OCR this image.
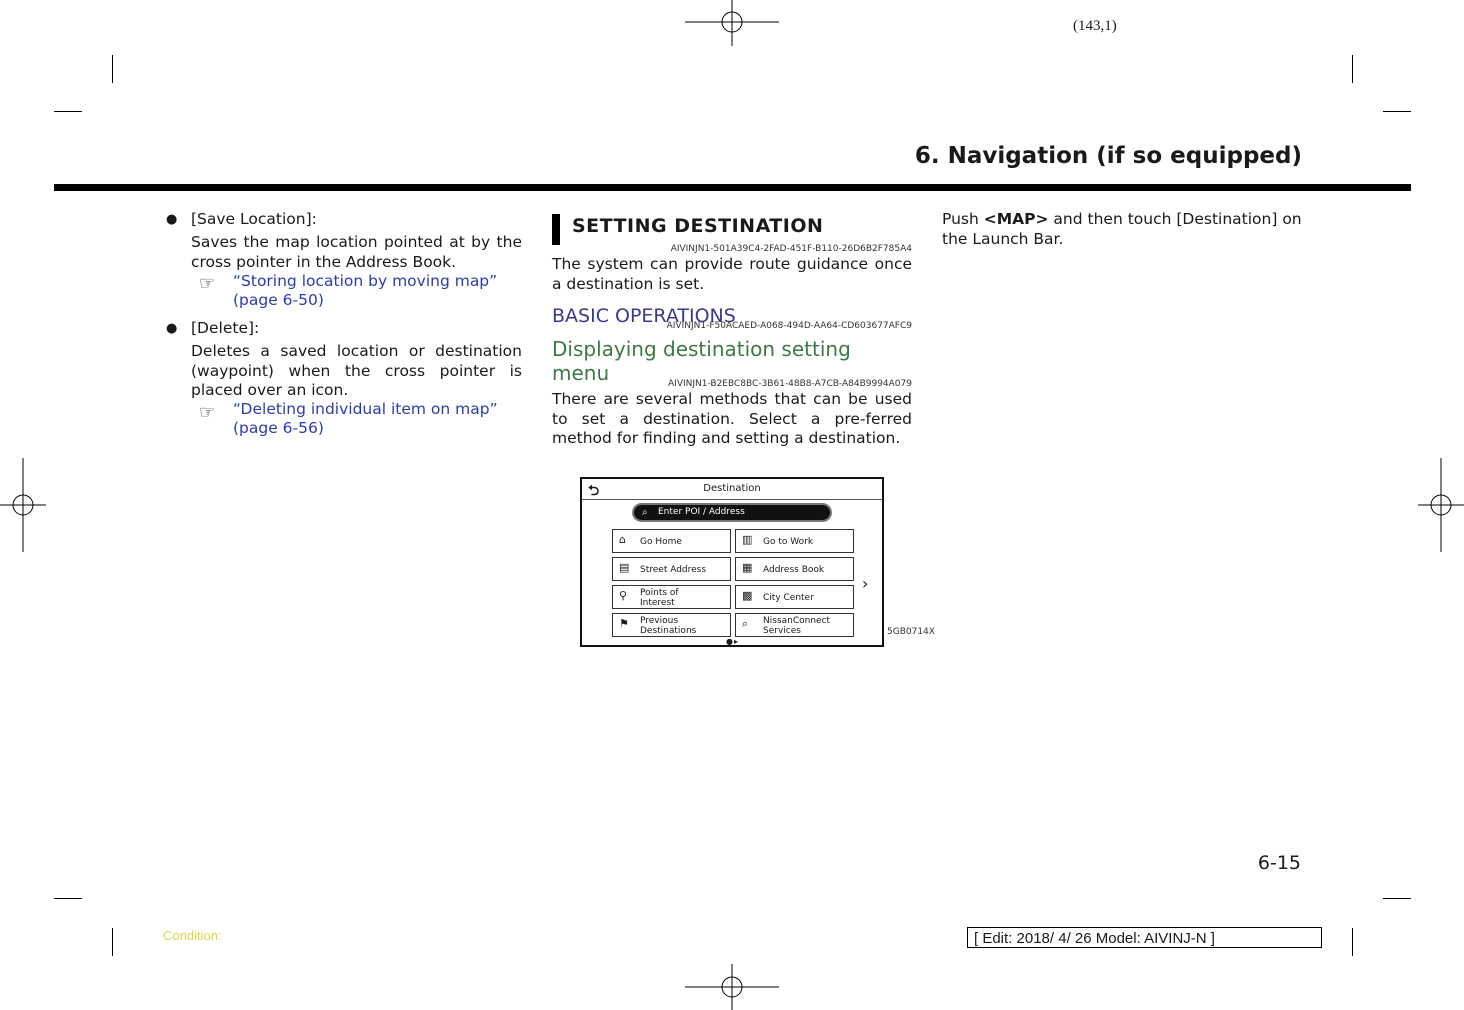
(143,1)
6. Navigation (if so equipped)
● [Save Location]:
Saves the map location pointed at by the cross pointer in the Address Book.
☞ “Storing location by moving map”
(page 6-50)
● [Delete]:
Deletes a saved location or destination (waypoint) when the cross pointer is placed over an icon.
☞ “Deleting individual item on map”
(page 6-56)
SETTING DESTINATION
AIVINJN1-501A39C4-2FAD-451F-B110-26D6B2F785A4
The system can provide route guidance once a destination is set.
BASIC OPERATIONS
AIVINJN1-F50ACAED-A068-494D-AA64-CD603677AFC9
Displaying destination setting
menu	AIVINJN1-B2EBC8BC-3B61-48B8-A7CB-A84B9994A079
There are several methods that can be used to set a destination. Select a pre-ferred method for finding and setting a destination.
⮌	Destination
⌕ Enter POI / Address
⌂ Go Home	▥ Go to Work
▤ Street Address	▦ Address Book
⚲ Points of
Interest
▩ City Center
⚑ Previous
Destinations
⌕ NissanConnect
Services
›
●▸
5GB0714X
Push <MAP> and then touch [Destination] on the Launch Bar.
6-15
Condition:	[ Edit: 2018/ 4/ 26 Model: AIVINJ-N ]
